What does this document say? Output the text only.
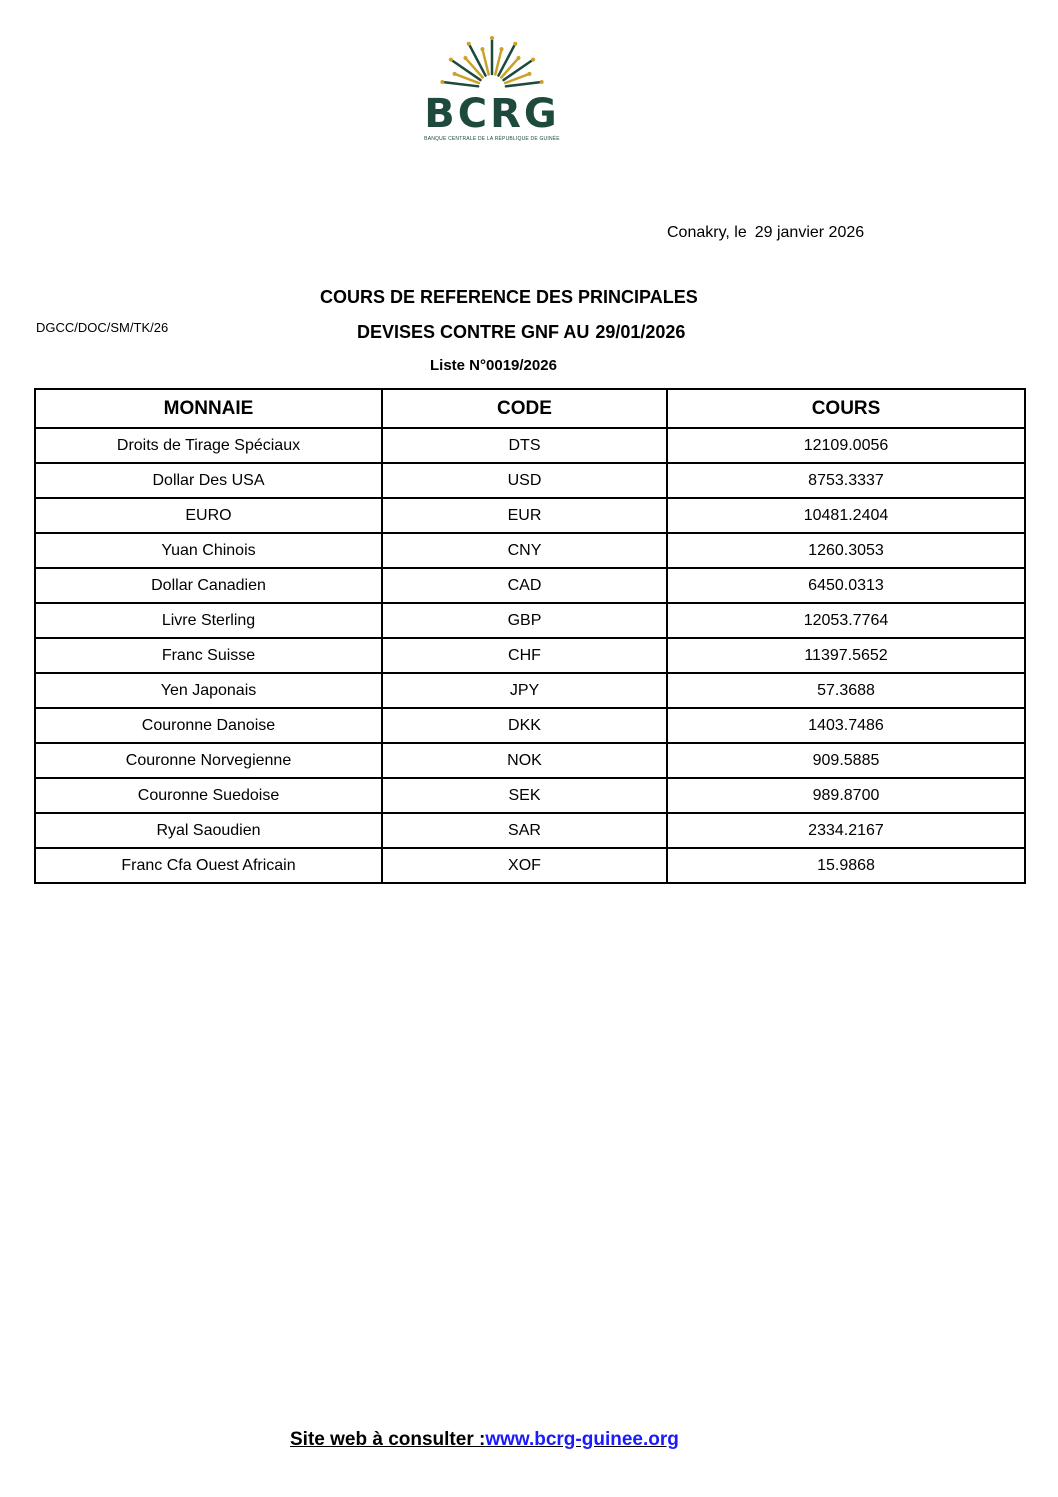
BCRG
BANQUE CENTRALE DE LA RÉPUBLIQUE DE GUINÉE
Conakry, le 29 janvier 2026
COURS DE REFERENCE DES PRINCIPALES
DGCC/DOC/SM/TK/26	DEVISES CONTRE GNF AU 29/01/2026
Liste N°0019/2026
MONNAIE	CODE	COURS
Droits de Tirage Spéciaux	DTS	12109.0056
Dollar Des USA	USD	8753.3337
EURO	EUR	10481.2404
Yuan Chinois	CNY	1260.3053
Dollar Canadien	CAD	6450.0313
Livre Sterling	GBP	12053.7764
Franc Suisse	CHF	11397.5652
Yen Japonais	JPY	57.3688
Couronne Danoise	DKK	1403.7486
Couronne Norvegienne	NOK	909.5885
Couronne Suedoise	SEK	989.8700
Ryal Saoudien	SAR	2334.2167
Franc Cfa Ouest Africain	XOF	15.9868
Site web à consulter :www.bcrg-guinee.org
